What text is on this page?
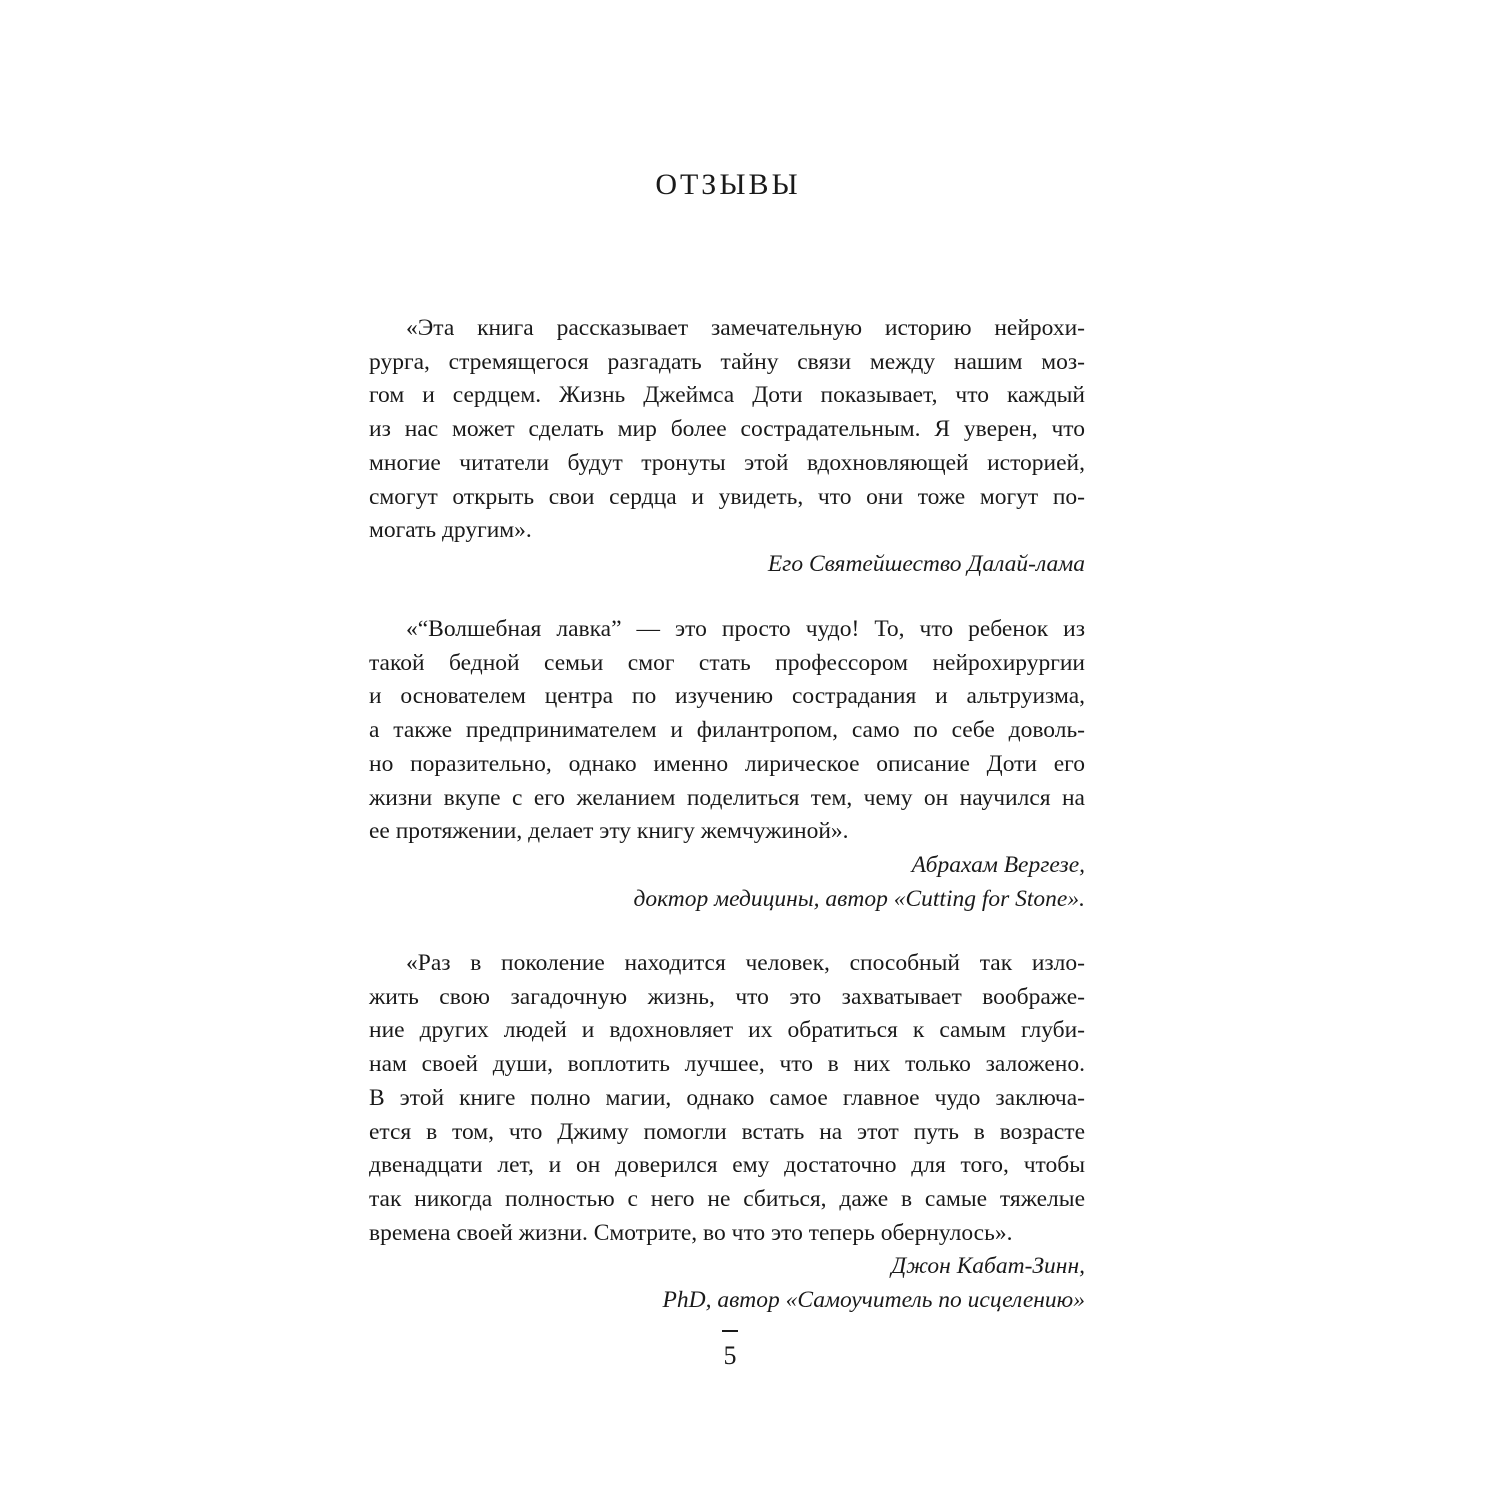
ОТЗЫВЫ
«Эта книга рассказывает замечательную историю нейрохи-
рурга, стремящегося разгадать тайну связи между нашим моз-
гом и сердцем. Жизнь Джеймса Доти показывает, что каждый
из нас может сделать мир более сострадательным. Я уверен, что
многие читатели будут тронуты этой вдохновляющей историей,
смогут открыть свои сердца и увидеть, что они тоже могут по-
могать другим».
Его Святейшество Далай-лама
«“Волшебная лавка” — это просто чудо! То, что ребенок из
такой бедной семьи смог стать профессором нейрохирургии
и основателем центра по изучению сострадания и альтруизма,
а также предпринимателем и филантропом, само по себе доволь-
но поразительно, однако именно лирическое описание Доти его
жизни вкупе с его желанием поделиться тем, чему он научился на
ее протяжении, делает эту книгу жемчужиной».
Абрахам Вергезе,
доктор медицины, автор «Cutting for Stone».
«Раз в поколение находится человек, способный так изло-
жить свою загадочную жизнь, что это захватывает воображе-
ние других людей и вдохновляет их обратиться к самым глуби-
нам своей души, воплотить лучшее, что в них только заложено.
В этой книге полно магии, однако самое главное чудо заключа-
ется в том, что Джиму помогли встать на этот путь в возрасте
двенадцати лет, и он доверился ему достаточно для того, чтобы
так никогда полностью с него не сбиться, даже в самые тяжелые
времена своей жизни. Смотрите, во что это теперь обернулось».
Джон Кабат-Зинн,
PhD, автор «Самоучитель по исцелению»
5
